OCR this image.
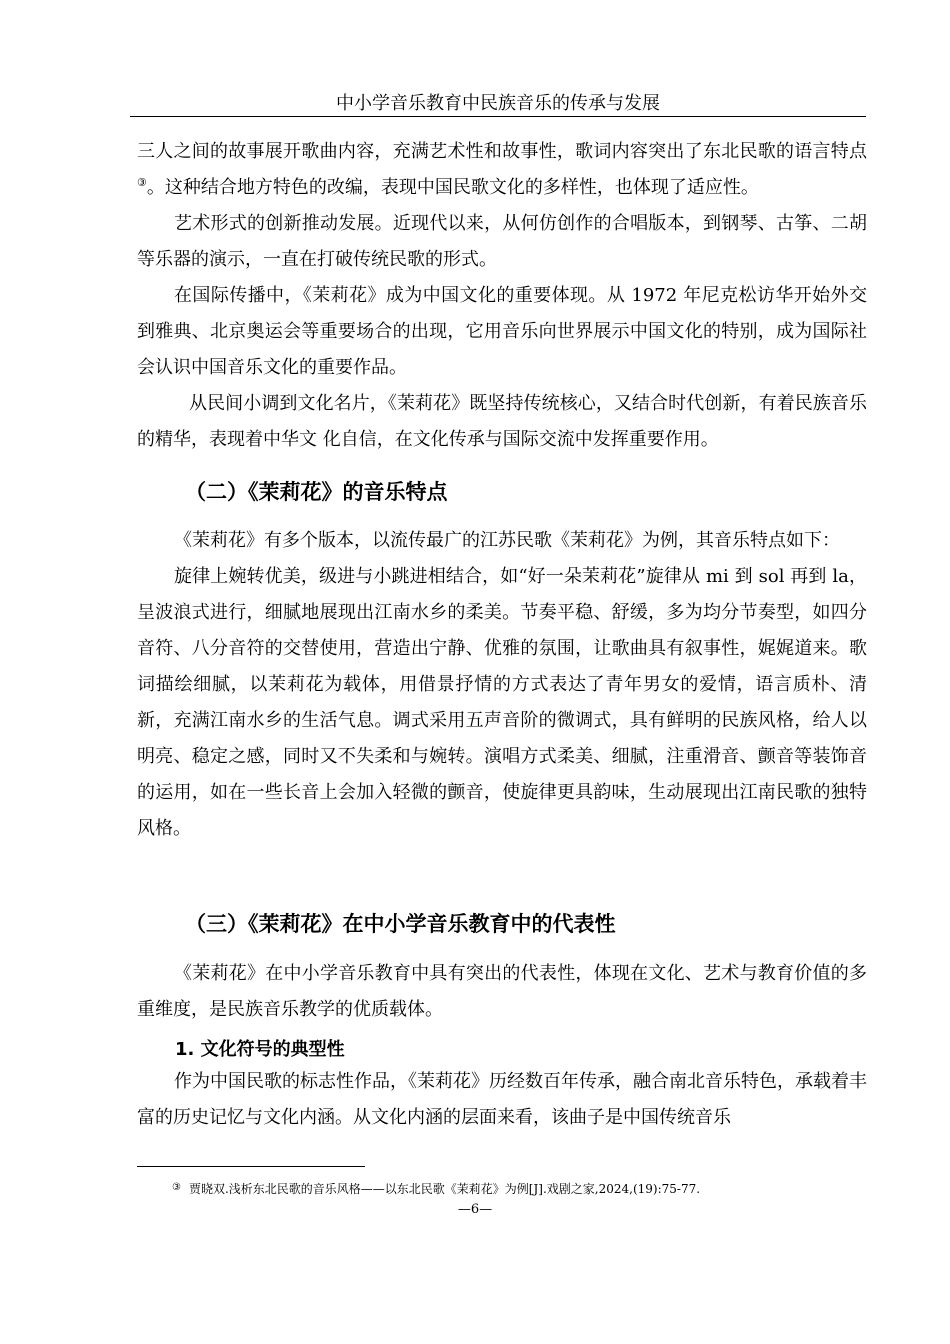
中小学音乐教育中民族音乐的传承与发展

三人之间的故事展开歌曲内容，充满艺术性和故事性，歌词内容突出了东北民歌的语言特点③。这种结合地方特色的改编，表现中国民歌文化的多样性，也体现了适应性。

艺术形式的创新推动发展。近现代以来，从何仿创作的合唱版本，到钢琴、古筝、二胡等乐器的演示，一直在打破传统民歌的形式。

在国际传播中，《茉莉花》成为中国文化的重要体现。从 1972 年尼克松访华开始外交到雅典、北京奥运会等重要场合的出现，它用音乐向世界展示中国文化的特别，成为国际社会认识中国音乐文化的重要作品。

从民间小调到文化名片，《茉莉花》既坚持传统核心，又结合时代创新，有着民族音乐的精华，表现着中华文 化自信，在文化传承与国际交流中发挥重要作用。

（二）《茉莉花》的音乐特点

《茉莉花》有多个版本，以流传最广的江苏民歌《茉莉花》为例，其音乐特点如下：

旋律上婉转优美，级进与小跳进相结合，如“好一朵茉莉花”旋律从 mi 到 sol 再到 la，呈波浪式进行，细腻地展现出江南水乡的柔美。节奏平稳、舒缓，多为均分节奏型，如四分音符、八分音符的交替使用，营造出宁静、优雅的氛围，让歌曲具有叙事性，娓娓道来。歌词描绘细腻，以茉莉花为载体，用借景抒情的方式表达了青年男女的爱情，语言质朴、清新，充满江南水乡的生活气息。调式采用五声音阶的微调式，具有鲜明的民族风格，给人以明亮、稳定之感，同时又不失柔和与婉转。演唱方式柔美、细腻，注重滑音、颤音等装饰音的运用，如在一些长音上会加入轻微的颤音，使旋律更具韵味，生动展现出江南民歌的独特风格。

（三）《茉莉花》在中小学音乐教育中的代表性

《茉莉花》在中小学音乐教育中具有突出的代表性，体现在文化、艺术与教育价值的多重维度，是民族音乐教学的优质载体。

1. 文化符号的典型性

作为中国民歌的标志性作品，《茉莉花》历经数百年传承，融合南北音乐特色，承载着丰富的历史记忆与文化内涵。从文化内涵的层面来看，该曲子是中国传统音乐

③ 贾晓双.浅析东北民歌的音乐风格——以东北民歌《茉莉花》为例[J].戏剧之家,2024,(19):75-77.
—6—
